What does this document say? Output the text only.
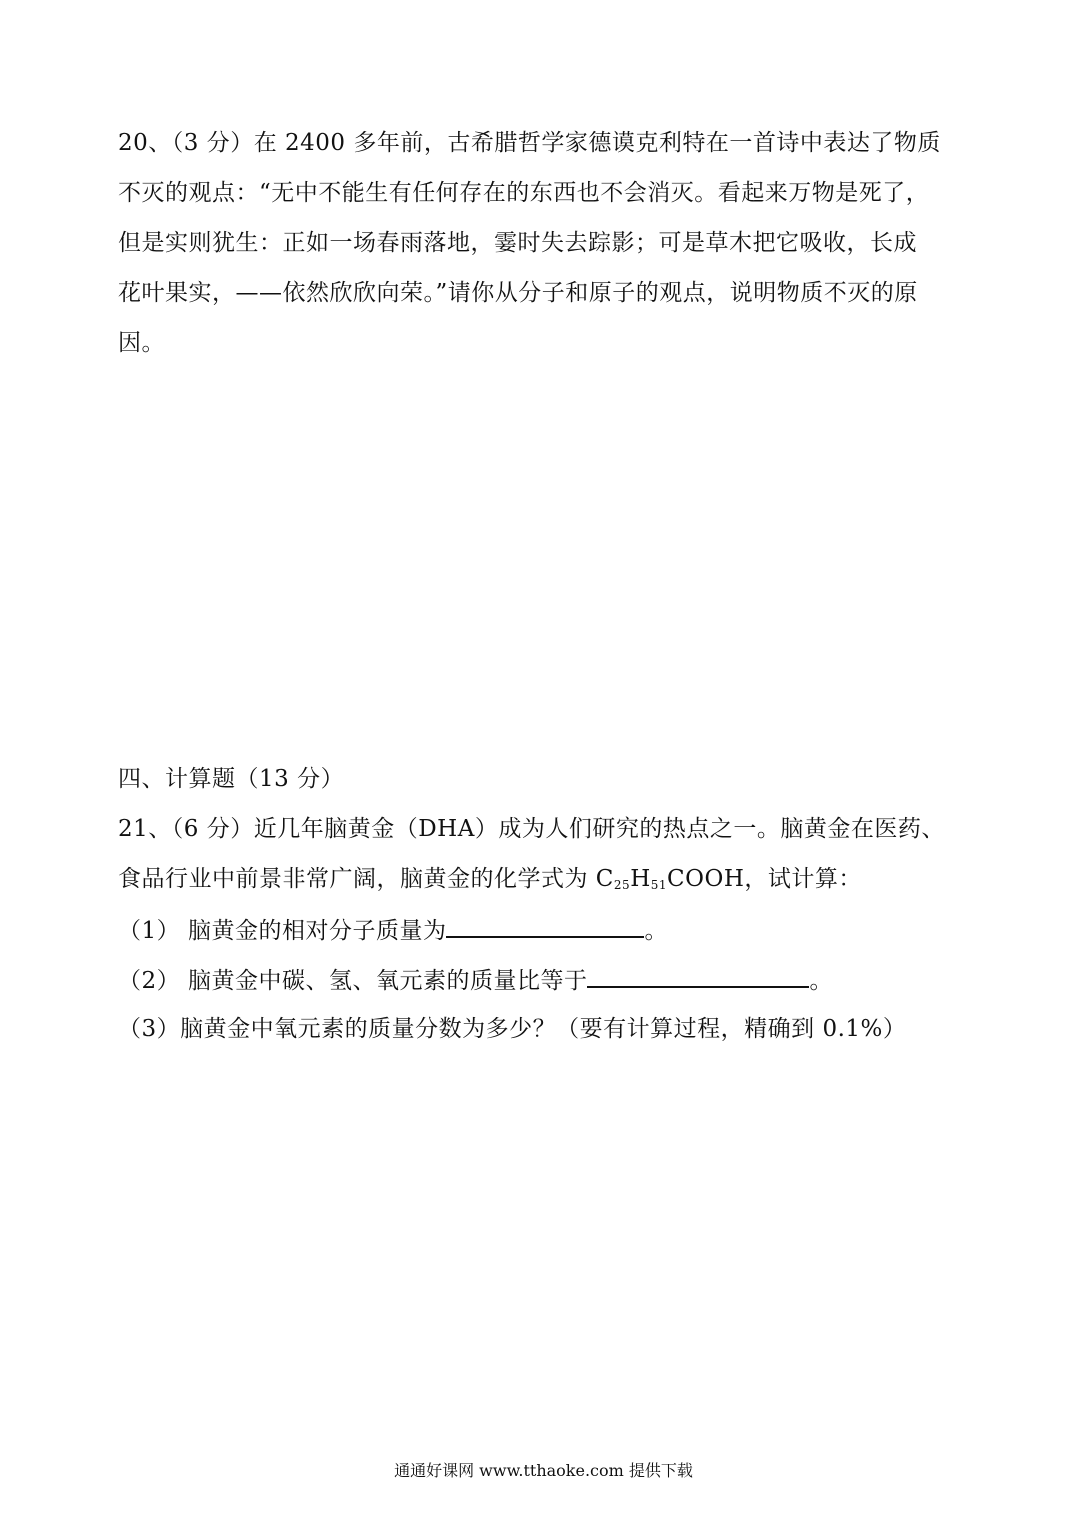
20、（3 分）在 2400 多年前，古希腊哲学家德谟克利特在一首诗中表达了物质
不灭的观点：“无中不能生有任何存在的东西也不会消灭。看起来万物是死了，
但是实则犹生：正如一场春雨落地，霎时失去踪影；可是草木把它吸收，长成
花叶果实，——依然欣欣向荣。”请你从分子和原子的观点，说明物质不灭的原
因。
四、计算题（13 分）
21、（6 分）近几年脑黄金（DHA）成为人们研究的热点之一。脑黄金在医药、
食品行业中前景非常广阔，脑黄金的化学式为 $C_{25}H_{51}COOH$，试计算：
（1） 脑黄金的相对分子质量为	。
（2） 脑黄金中碳、氢、氧元素的质量比等于	。
（3）脑黄金中氧元素的质量分数为多少？（要有计算过程，精确到 0.1%）
通通好课网 www.tthaoke.com 提供下载
